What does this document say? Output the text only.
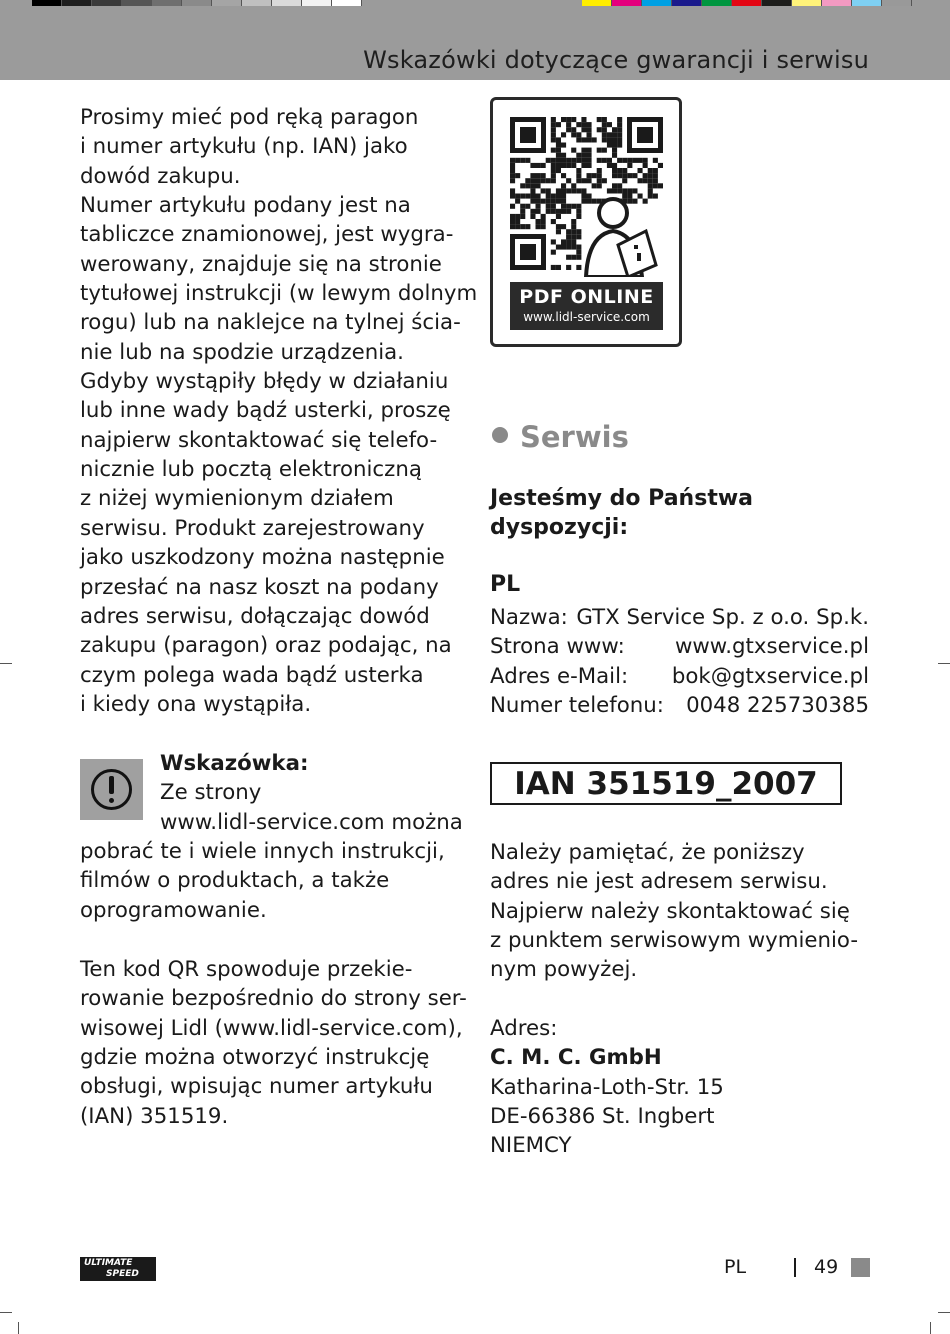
Wskazówki dotyczące gwarancji i serwisu

Prosimy mieć pod ręką paragon

i numer artykułu (np. IAN) jako

dowód zakupu.

Numer artykułu podany jest na

tabliczce znamionowej, jest wygra-

werowany, znajduje się na stronie

tytułowej instrukcji (w lewym dolnym

rogu) lub na naklejce na tylnej ścia-

nie lub na spodzie urządzenia.

Gdyby wystąpiły błędy w działaniu

lub inne wady bądź usterki, proszę

najpierw skontaktować się telefo-

nicznie lub pocztą elektroniczną

z niżej wymienionym działem

serwisu. Produkt zarejestrowany

jako uszkodzony można następnie

przesłać na nasz koszt na podany

adres serwisu, dołączając dowód

zakupu (paragon) oraz podając, na

czym polega wada bądź usterka

i kiedy ona wystąpiła.

Wskazówka:
Ze strony
www.lidl-service.com można
pobrać te i wiele innych instrukcji,
filmów o produktach, a także
oprogramowanie.

Ten kod QR spowoduje przekie-

rowanie bezpośrednio do strony ser-

wisowej Lidl (www.lidl-service.com),

gdzie można otworzyć instrukcję

obsługi, wpisując numer artykułu

(IAN) 351519.

PDF ONLINE
www.lidl-service.com
Serwis
Jesteśmy do Państwa
dyspozycji:
PL
Nazwa: GTX Service Sp. z o.o. Sp.k.
Strona www: www.gtxservice.pl
Adres e-Mail: bok@gtxservice.pl
Numer telefonu: 0048 225730385
IAN 351519_2007

Należy pamiętać, że poniższy

adres nie jest adresem serwisu.

Najpierw należy skontaktować się

z punktem serwisowym wymienio-

nym powyżej.

Adres:

C. M. C. GmbH

Katharina-Loth-Str. 15

DE-66386 St. Ingbert

NIEMCY

ULTIMATE
SPEED	PL	49
